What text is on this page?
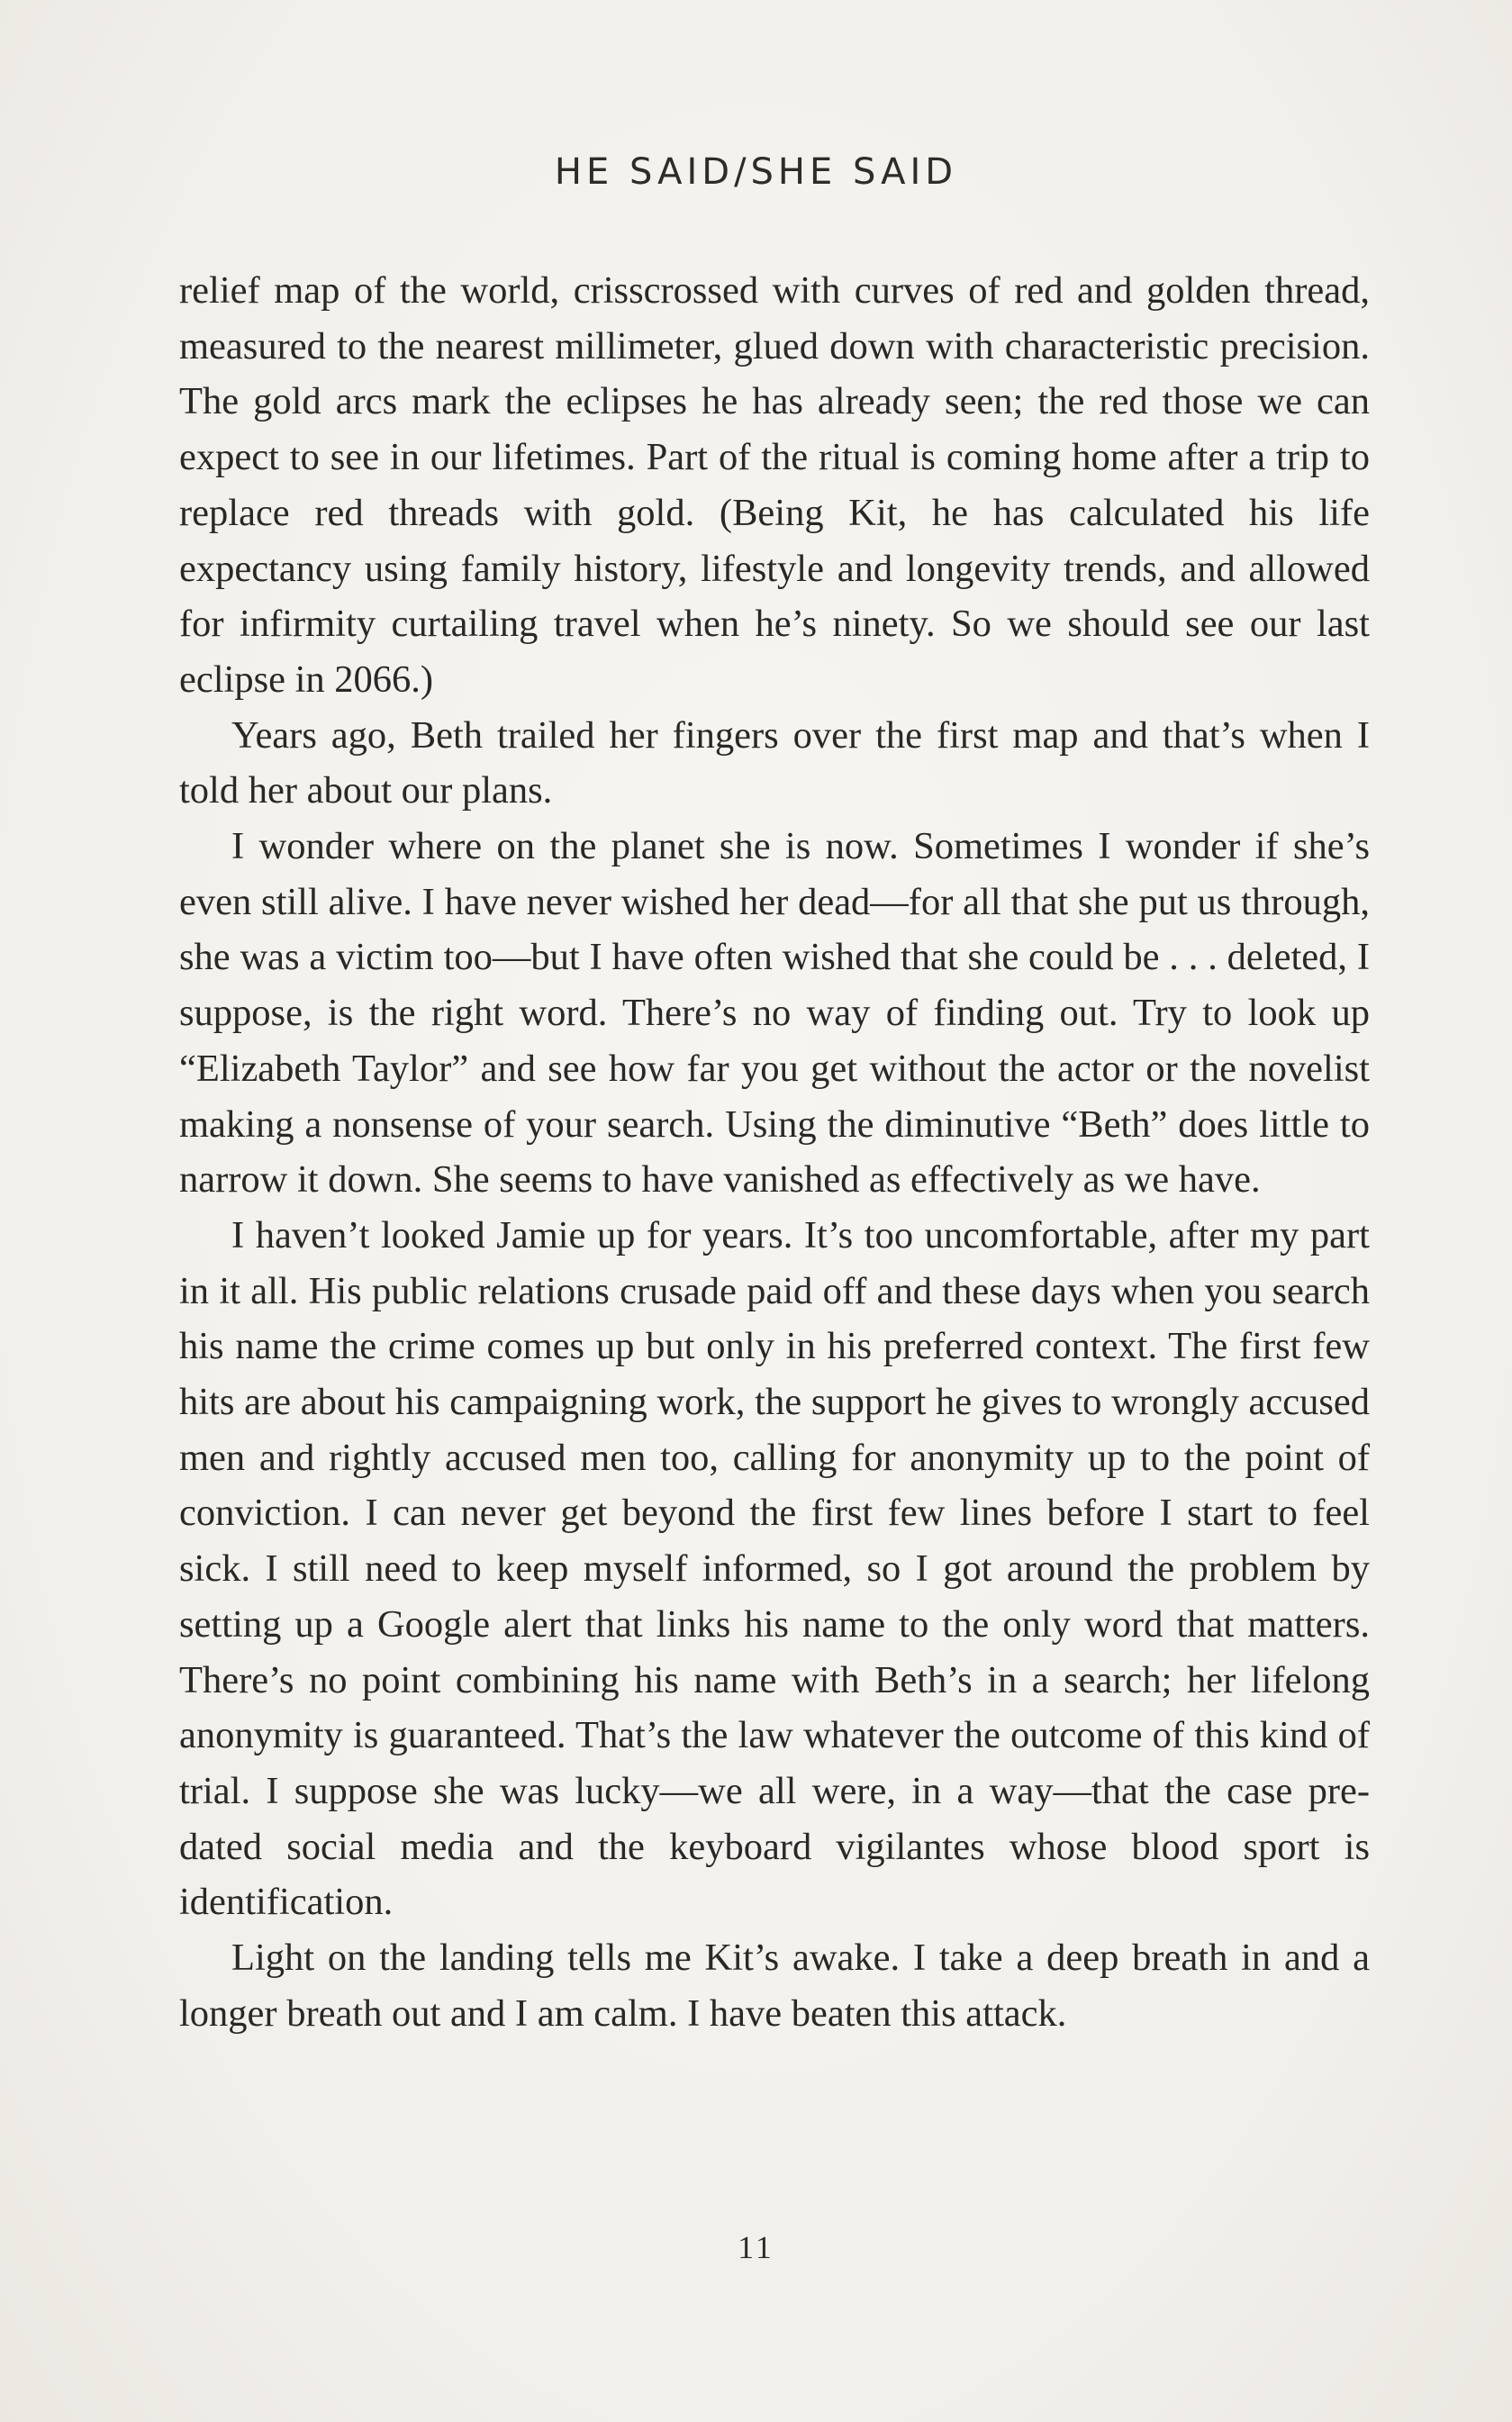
HE SAID/SHE SAID

relief map of the world, crisscrossed with curves of red and golden thread, measured to the nearest millimeter, glued down with characteristic precision. The gold arcs mark the eclipses he has already seen; the red those we can expect to see in our lifetimes. Part of the ritual is coming home after a trip to replace red threads with gold. (Being Kit, he has calculated his life expectancy using family history, lifestyle and longevity trends, and allowed for infirmity curtailing travel when he’s ninety. So we should see our last eclipse in 2066.)

Years ago, Beth trailed her fingers over the first map and that’s when I told her about our plans.

I wonder where on the planet she is now. Sometimes I wonder if she’s even still alive. I have never wished her dead—for all that she put us through, she was a victim too—but I have often wished that she could be . . . deleted, I suppose, is the right word. There’s no way of finding out. Try to look up “Elizabeth Taylor” and see how far you get without the actor or the novelist making a nonsense of your search. Using the diminutive “Beth” does little to narrow it down. She seems to have vanished as effectively as we have.

I haven’t looked Jamie up for years. It’s too uncomfortable, after my part in it all. His public relations crusade paid off and these days when you search his name the crime comes up but only in his preferred context. The first few hits are about his campaigning work, the support he gives to wrongly accused men and rightly accused men too, calling for anonymity up to the point of conviction. I can never get beyond the first few lines before I start to feel sick. I still need to keep myself informed, so I got around the problem by setting up a Google alert that links his name to the only word that matters. There’s no point combining his name with Beth’s in a search; her lifelong anonymity is guaranteed. That’s the law whatever the outcome of this kind of trial. I suppose she was lucky—we all were, in a way—that the case pre-dated social media and the keyboard vigilantes whose blood sport is identification.

Light on the landing tells me Kit’s awake. I take a deep breath in and a longer breath out and I am calm. I have beaten this attack.

11
